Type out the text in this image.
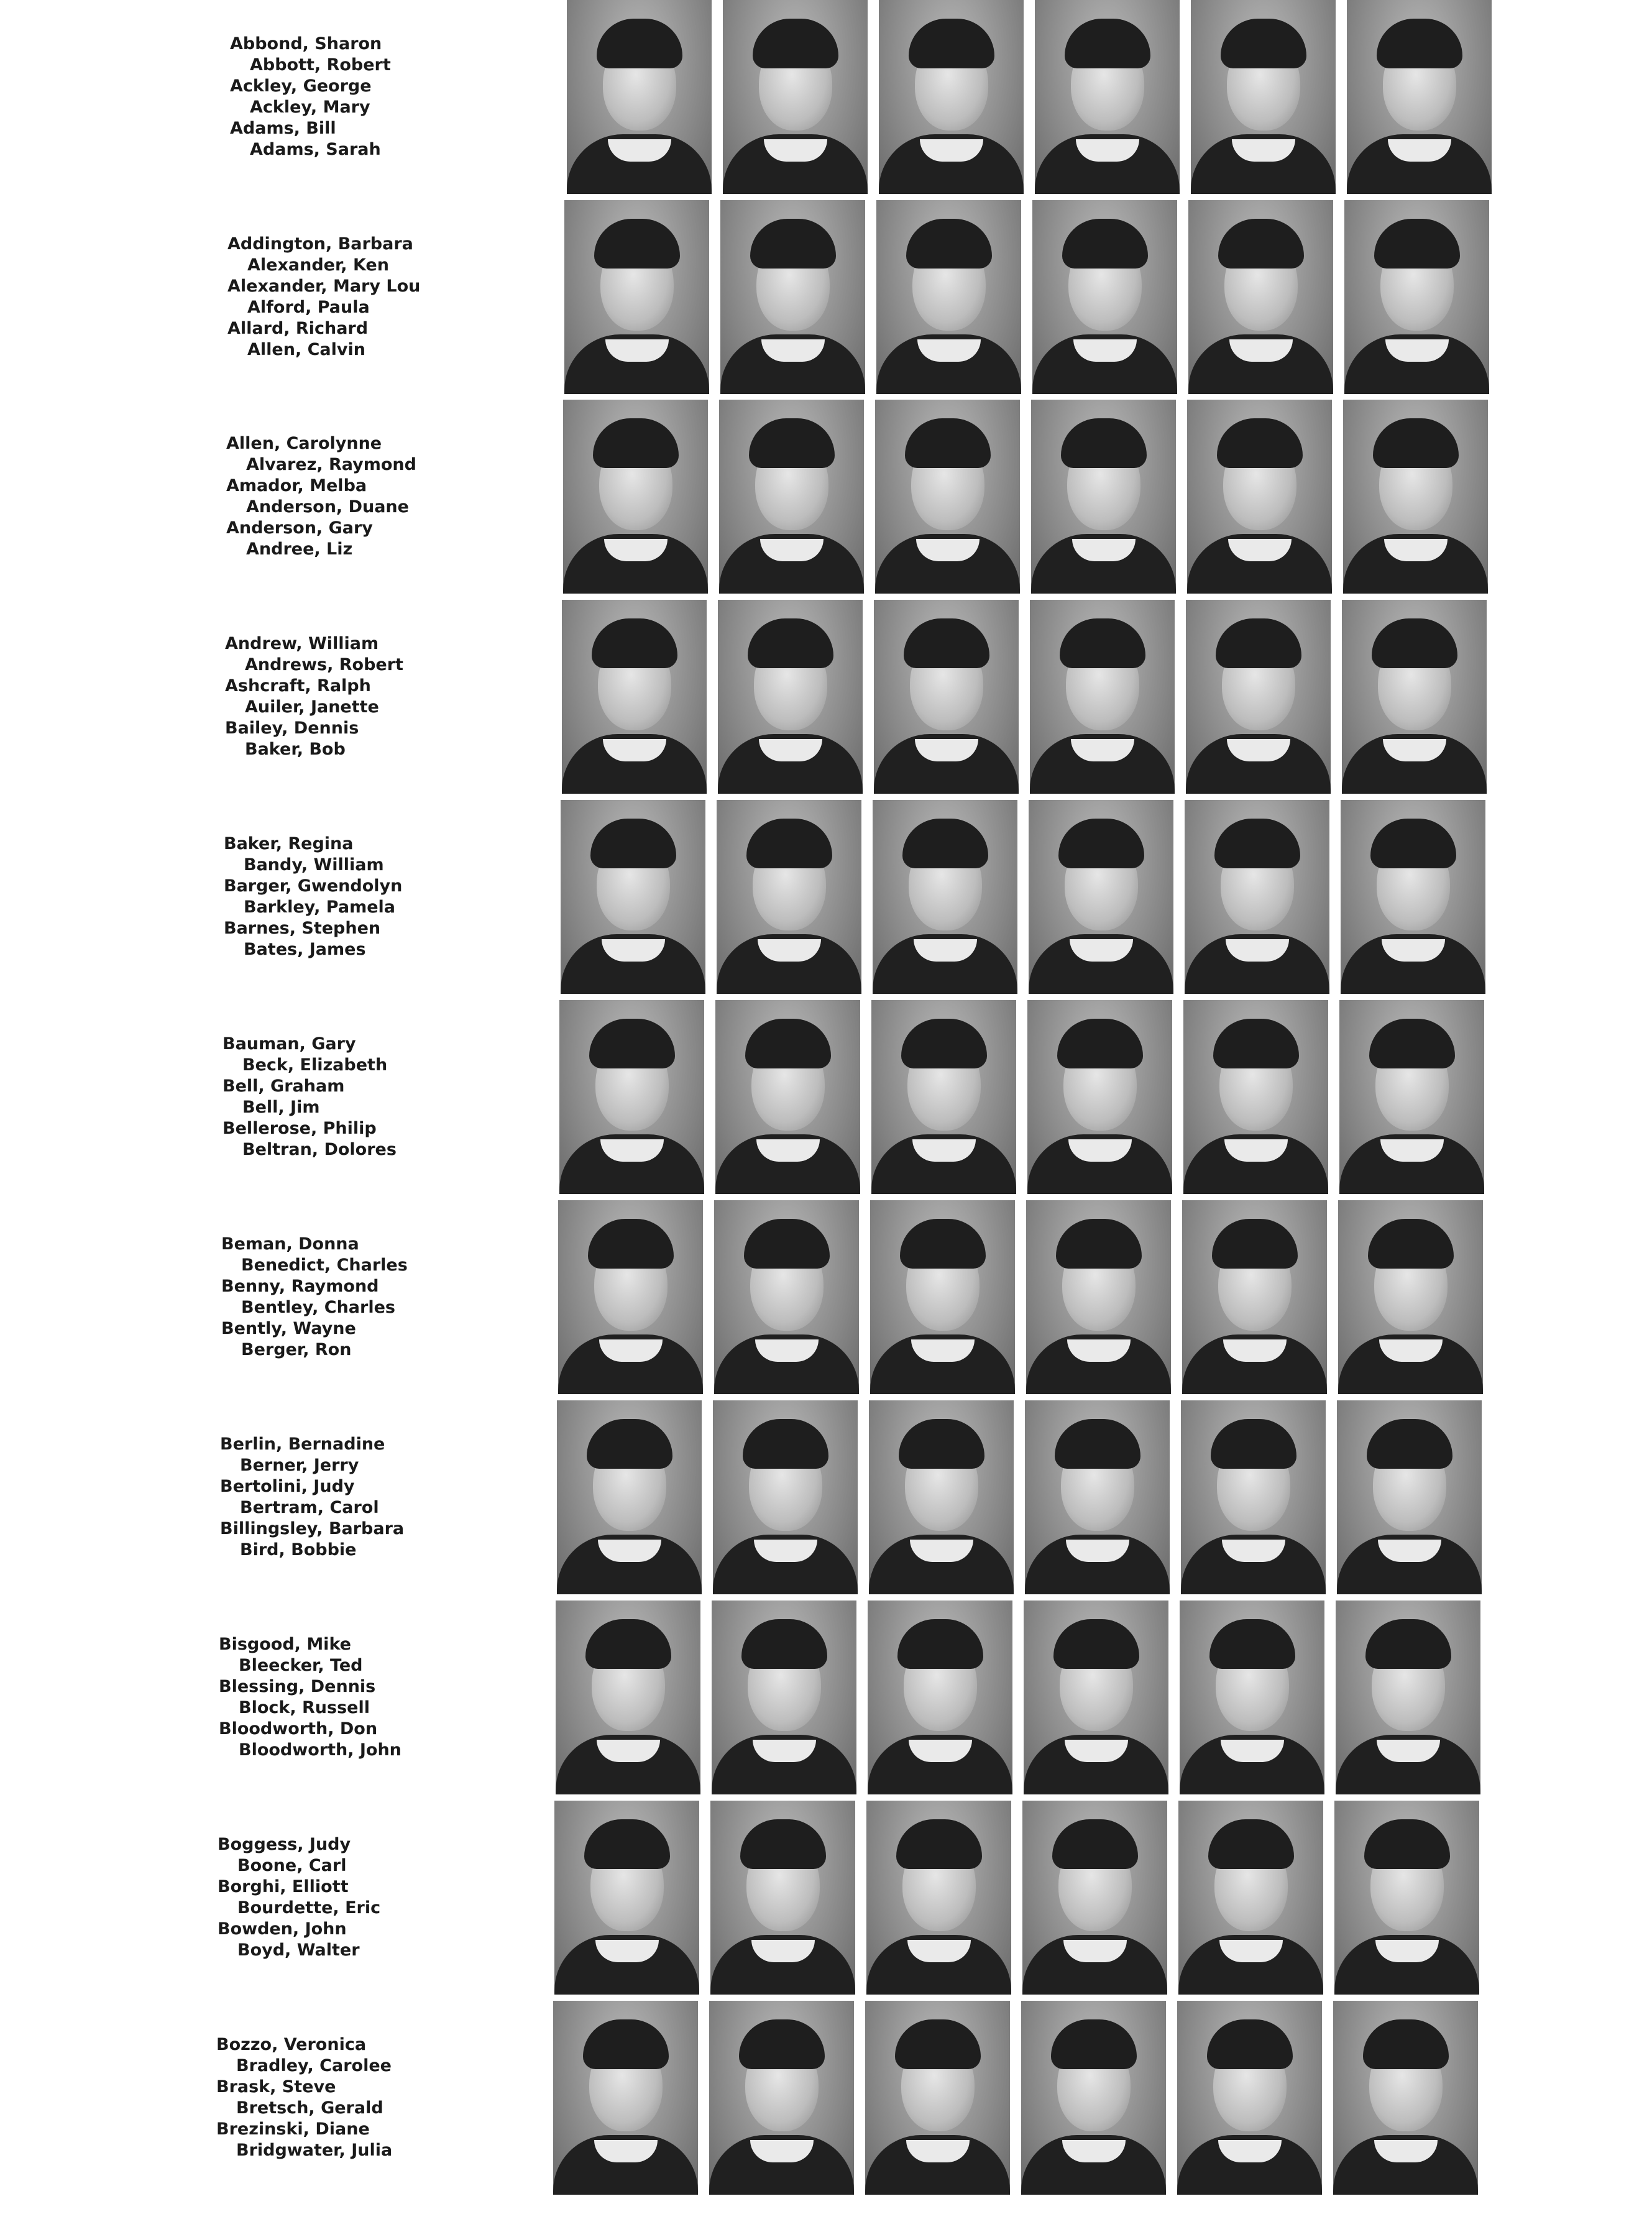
Abbond, Sharon
Abbott, Robert
Ackley, George
Ackley, Mary
Adams, Bill
Adams, Sarah
Addington, Barbara
Alexander, Ken
Alexander, Mary Lou
Alford, Paula
Allard, Richard
Allen, Calvin
Allen, Carolynne
Alvarez, Raymond
Amador, Melba
Anderson, Duane
Anderson, Gary
Andree, Liz
Andrew, William
Andrews, Robert
Ashcraft, Ralph
Auiler, Janette
Bailey, Dennis
Baker, Bob
Baker, Regina
Bandy, William
Barger, Gwendolyn
Barkley, Pamela
Barnes, Stephen
Bates, James
Bauman, Gary
Beck, Elizabeth
Bell, Graham
Bell, Jim
Bellerose, Philip
Beltran, Dolores
Beman, Donna
Benedict, Charles
Benny, Raymond
Bentley, Charles
Bently, Wayne
Berger, Ron
Berlin, Bernadine
Berner, Jerry
Bertolini, Judy
Bertram, Carol
Billingsley, Barbara
Bird, Bobbie
Bisgood, Mike
Bleecker, Ted
Blessing, Dennis
Block, Russell
Bloodworth, Don
Bloodworth, John
Boggess, Judy
Boone, Carl
Borghi, Elliott
Bourdette, Eric
Bowden, John
Boyd, Walter
Bozzo, Veronica
Bradley, Carolee
Brask, Steve
Bretsch, Gerald
Brezinski, Diane
Bridgwater, Julia
